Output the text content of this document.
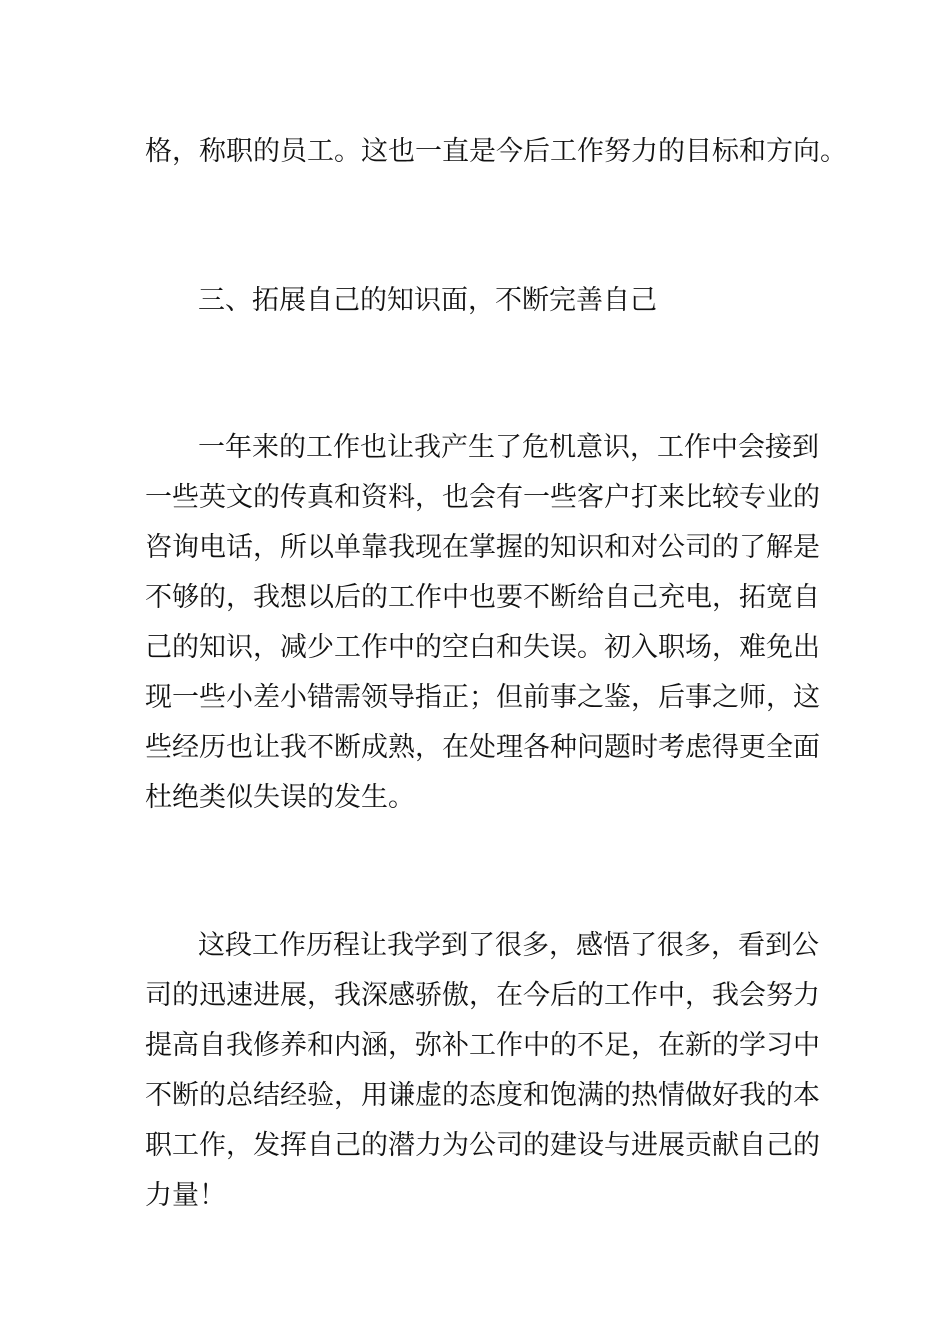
格，称职的员工。这也一直是今后工作努力的目标和方向。
三、拓展自己的知识面，不断完善自己
一年来的工作也让我产生了危机意识，工作中会接到
一些英文的传真和资料，也会有一些客户打来比较专业的
咨询电话，所以单靠我现在掌握的知识和对公司的了解是
不够的，我想以后的工作中也要不断给自己充电，拓宽自
己的知识，减少工作中的空白和失误。初入职场，难免出
现一些小差小错需领导指正；但前事之鉴，后事之师，这
些经历也让我不断成熟，在处理各种问题时考虑得更全面
杜绝类似失误的发生。
这段工作历程让我学到了很多，感悟了很多，看到公
司的迅速进展，我深感骄傲，在今后的工作中，我会努力
提高自我修养和内涵，弥补工作中的不足，在新的学习中
不断的总结经验，用谦虚的态度和饱满的热情做好我的本
职工作，发挥自己的潜力为公司的建设与进展贡献自己的
力量！
